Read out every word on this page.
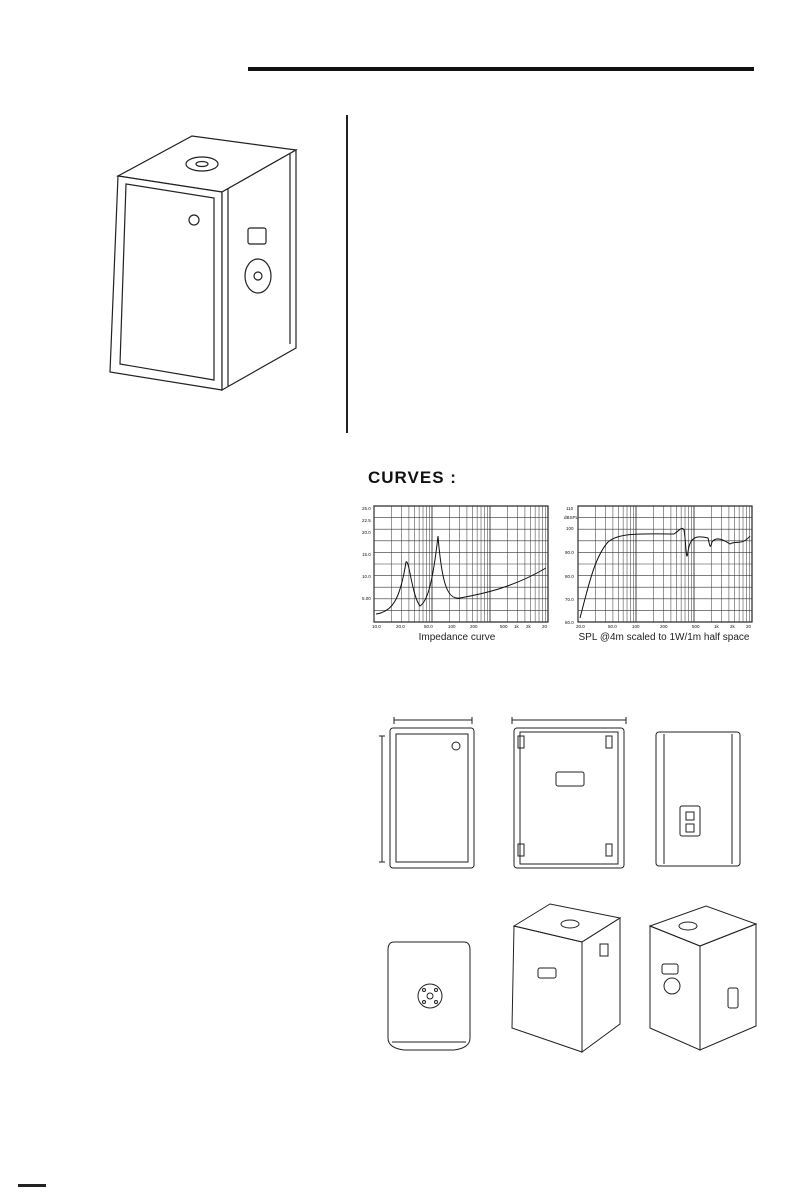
CURVES :
25.0
22.5
20.0
15.0
10.0
5.00
10.0	20.0	50.0	100	200	500 1k 2k 20
Impedance curve
110
dBSPL
100
90.0
80.0
70.0
60.0
20.0	50.0	100	200	500	1k 2k 20
SPL @4m scaled to 1W/1m half space
